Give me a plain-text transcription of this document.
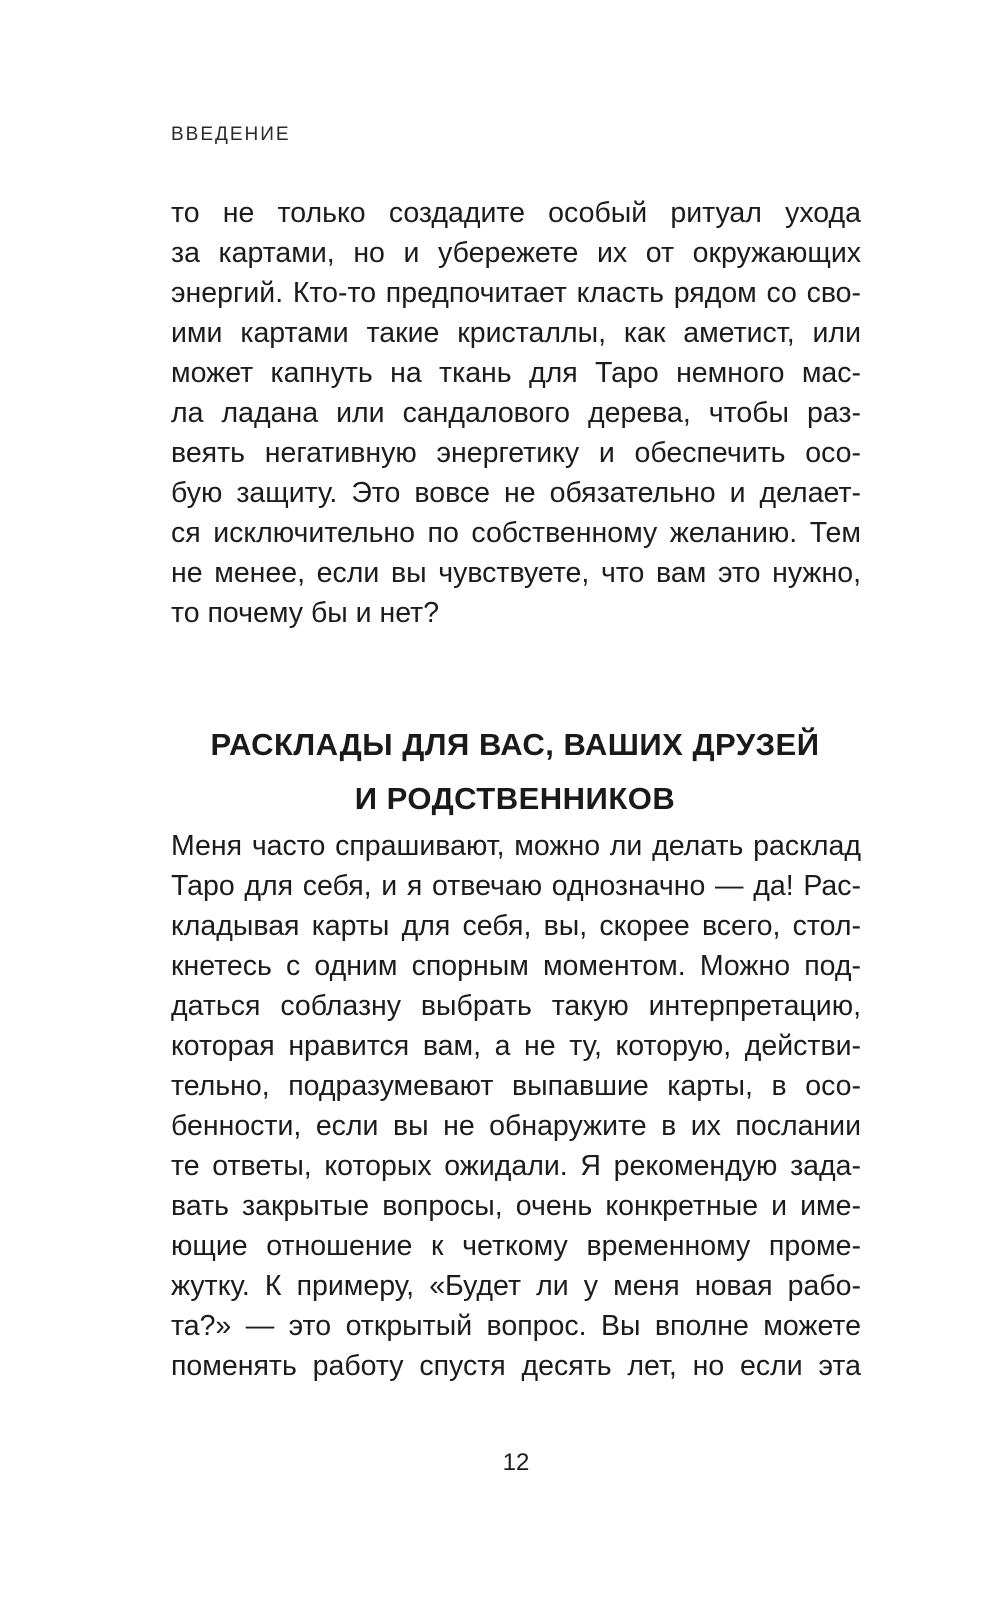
ВВЕДЕНИЕ
то не только создадите особый ритуал ухода
за картами, но и убережете их от окружающих
энергий. Кто-то предпочитает класть рядом со сво-
ими картами такие кристаллы, как аметист, или
может капнуть на ткань для Таро немного мас-
ла ладана или сандалового дерева, чтобы раз-
веять негативную энергетику и обеспечить осо-
бую защиту. Это вовсе не обязательно и делает-
ся исключительно по собственному желанию. Тем
не менее, если вы чувствуете, что вам это нужно,
то почему бы и нет?
РАСКЛАДЫ ДЛЯ ВАС, ВАШИХ ДРУЗЕЙ
И РОДСТВЕННИКОВ
Меня часто спрашивают, можно ли делать расклад
Таро для себя, и я отвечаю однозначно — да! Рас-
кладывая карты для себя, вы, скорее всего, стол-
кнетесь с одним спорным моментом. Можно под-
даться соблазну выбрать такую интерпретацию,
которая нравится вам, а не ту, которую, действи-
тельно, подразумевают выпавшие карты, в осо-
бенности, если вы не обнаружите в их послании
те ответы, которых ожидали. Я рекомендую зада-
вать закрытые вопросы, очень конкретные и име-
ющие отношение к четкому временному проме-
жутку. К примеру, «Будет ли у меня новая рабо-
та?» — это открытый вопрос. Вы вполне можете
поменять работу спустя десять лет, но если эта
12
